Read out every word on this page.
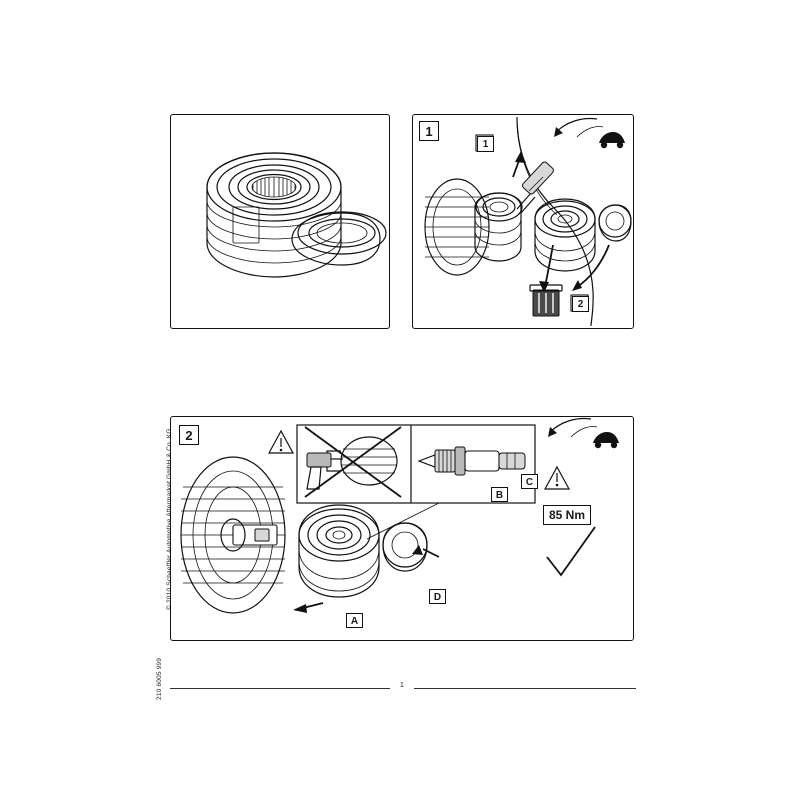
1
1
2
2
B
D
A
C
85 Nm
© 2010 Schaeffler Automotive Aftermarket GmbH & Co. KG
210 6005 999	1
